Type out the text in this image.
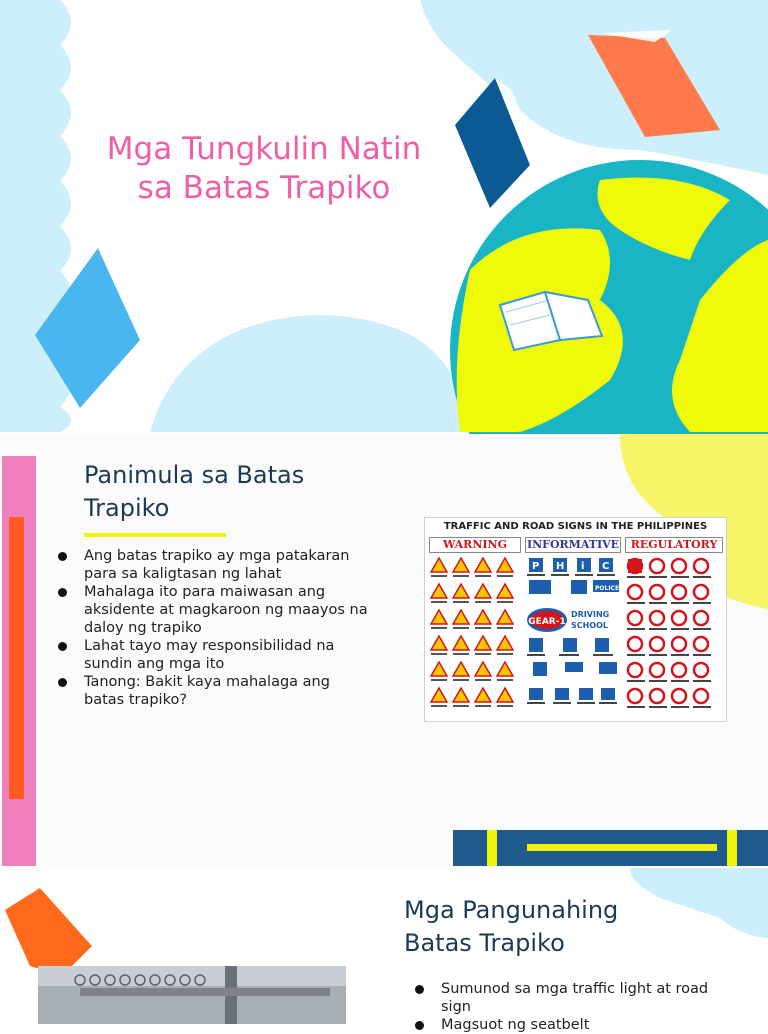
Mga Tungkulin Natin
sa Batas Trapiko
Panimula sa Batas
Trapiko
Ang batas trapiko ay mga patakaran para sa kaligtasan ng lahat
Mahalaga ito para maiwasan ang aksidente at magkaroon ng maayos na daloy ng trapiko
Lahat tayo may responsibilidad na sundin ang mga ito
Tanong: Bakit kaya mahalaga ang batas trapiko?
TRAFFIC AND ROAD SIGNS IN THE PHILIPPINES
WARNING	INFORMATIVE	REGULATORY
P H i C
GEAR-1
DRIVING
SCHOOL
POLICE
Mga Pangunahing
Batas Trapiko
Sumunod sa mga traffic light at road sign
Magsuot ng seatbelt
